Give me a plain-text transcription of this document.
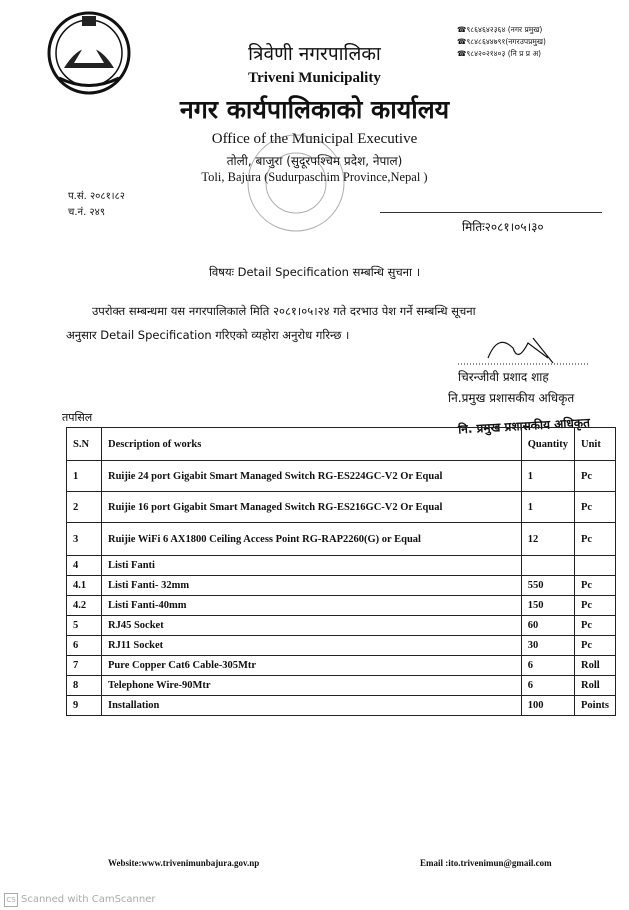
☎९८६४६४२३६४ (नगर प्रमुख)
☎९८४८६४४७९१(नगरउपप्रमुख)
☎९८४२०२१४०३ (नि प्र प्र अ)
त्रिवेणी नगरपालिका
Triveni Municipality
नगर कार्यपालिकाको कार्यालय
Office of the Municipal Executive
तोली, बाजुरा (सुदूरपश्चिम प्रदेश, नेपाल)
Toli, Bajura (Sudurpaschim Province,Nepal )
प.सं. २०८१।८२
च.नं. २४९
मितिः२०८१।०५।३०
विषयः Detail Specification सम्बन्धि सुचना ।
उपरोक्त सम्बन्धमा यस नगरपालिकाले मिति २०८१।०५।२४ गते दरभाउ पेश गर्ने सम्बन्धि सूचना
अनुसार Detail Specification गरिएको व्यहोरा अनुरोध गरिन्छ ।
चिरन्जीवी प्रशाद शाह
नि.प्रमुख प्रशासकीय अधिकृत
तपसिल	नि. प्रमुख प्रशासकीय अधिकृत
S.N	Description of works	Quantity	Unit
1	Ruijie 24 port Gigabit Smart Managed Switch RG-ES224GC-V2 Or Equal	1	Pc
2	Ruijie 16 port Gigabit Smart Managed Switch RG-ES216GC-V2 Or Equal	1	Pc
3	Ruijie WiFi 6 AX1800 Ceiling Access Point RG-RAP2260(G) or Equal	12	Pc
4	Listi Fanti		
4.1	Listi Fanti- 32mm	550	Pc
4.2	Listi Fanti-40mm	150	Pc
5	RJ45 Socket	60	Pc
6	RJ11 Socket	30	Pc
7	Pure Copper Cat6 Cable-305Mtr	6	Roll
8	Telephone Wire-90Mtr	6	Roll
9	Installation	100	Points
Website:www.trivenimunbajura.gov.np	Email :ito.trivenimun@gmail.com
CS Scanned with CamScanner
